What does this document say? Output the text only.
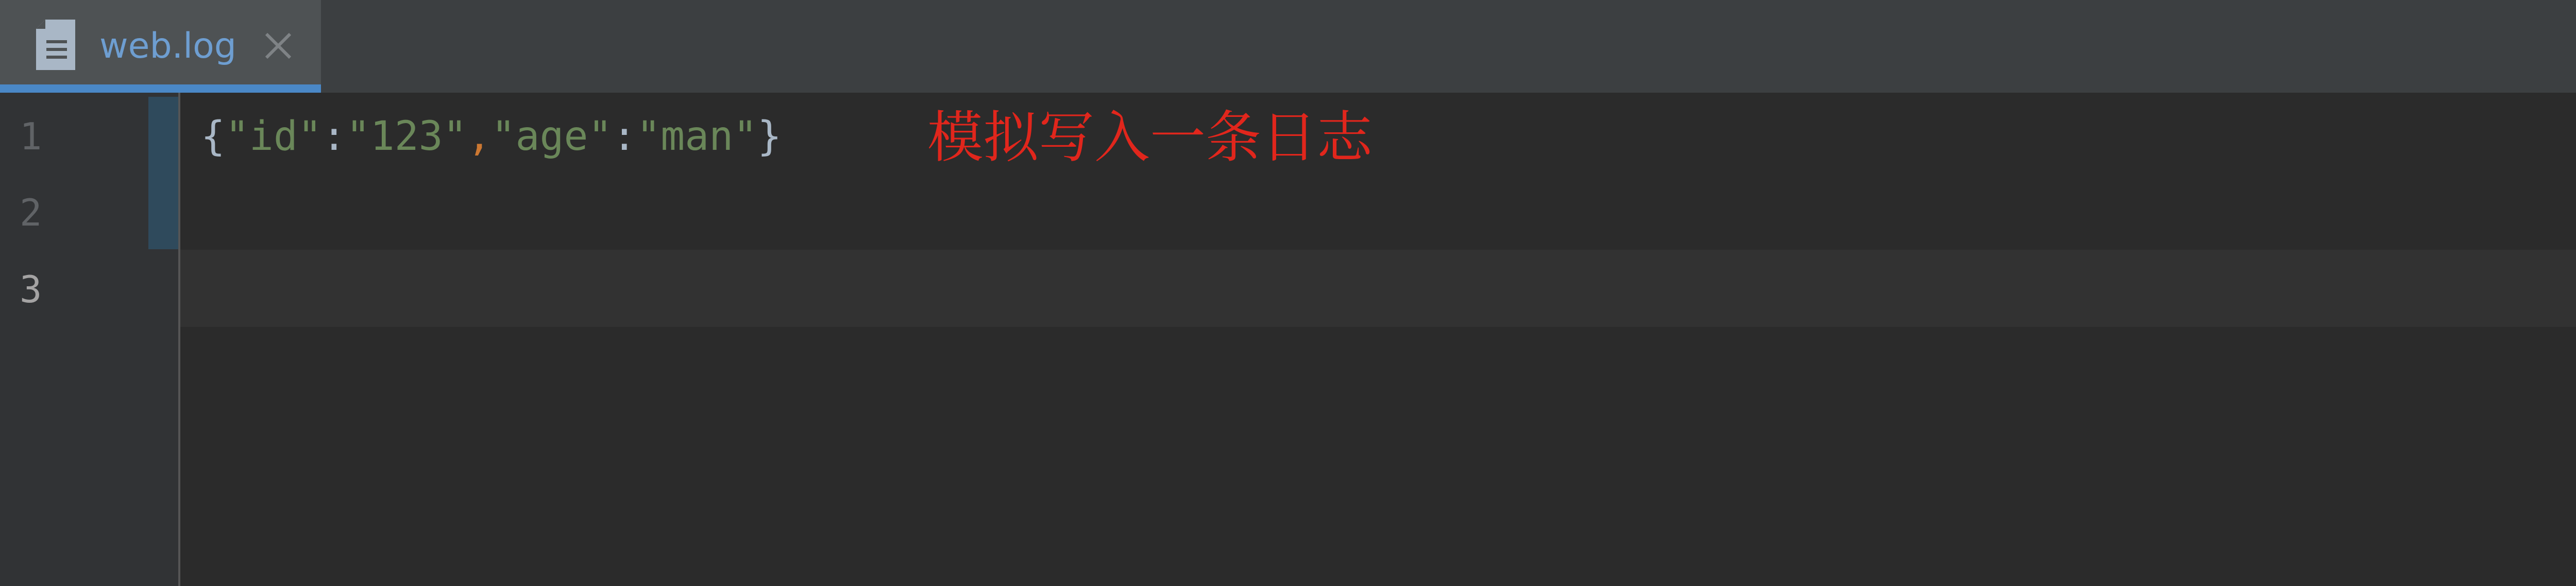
web.log
1
2
3
{"id":"123","age":"man"}	模拟写入一条日志
